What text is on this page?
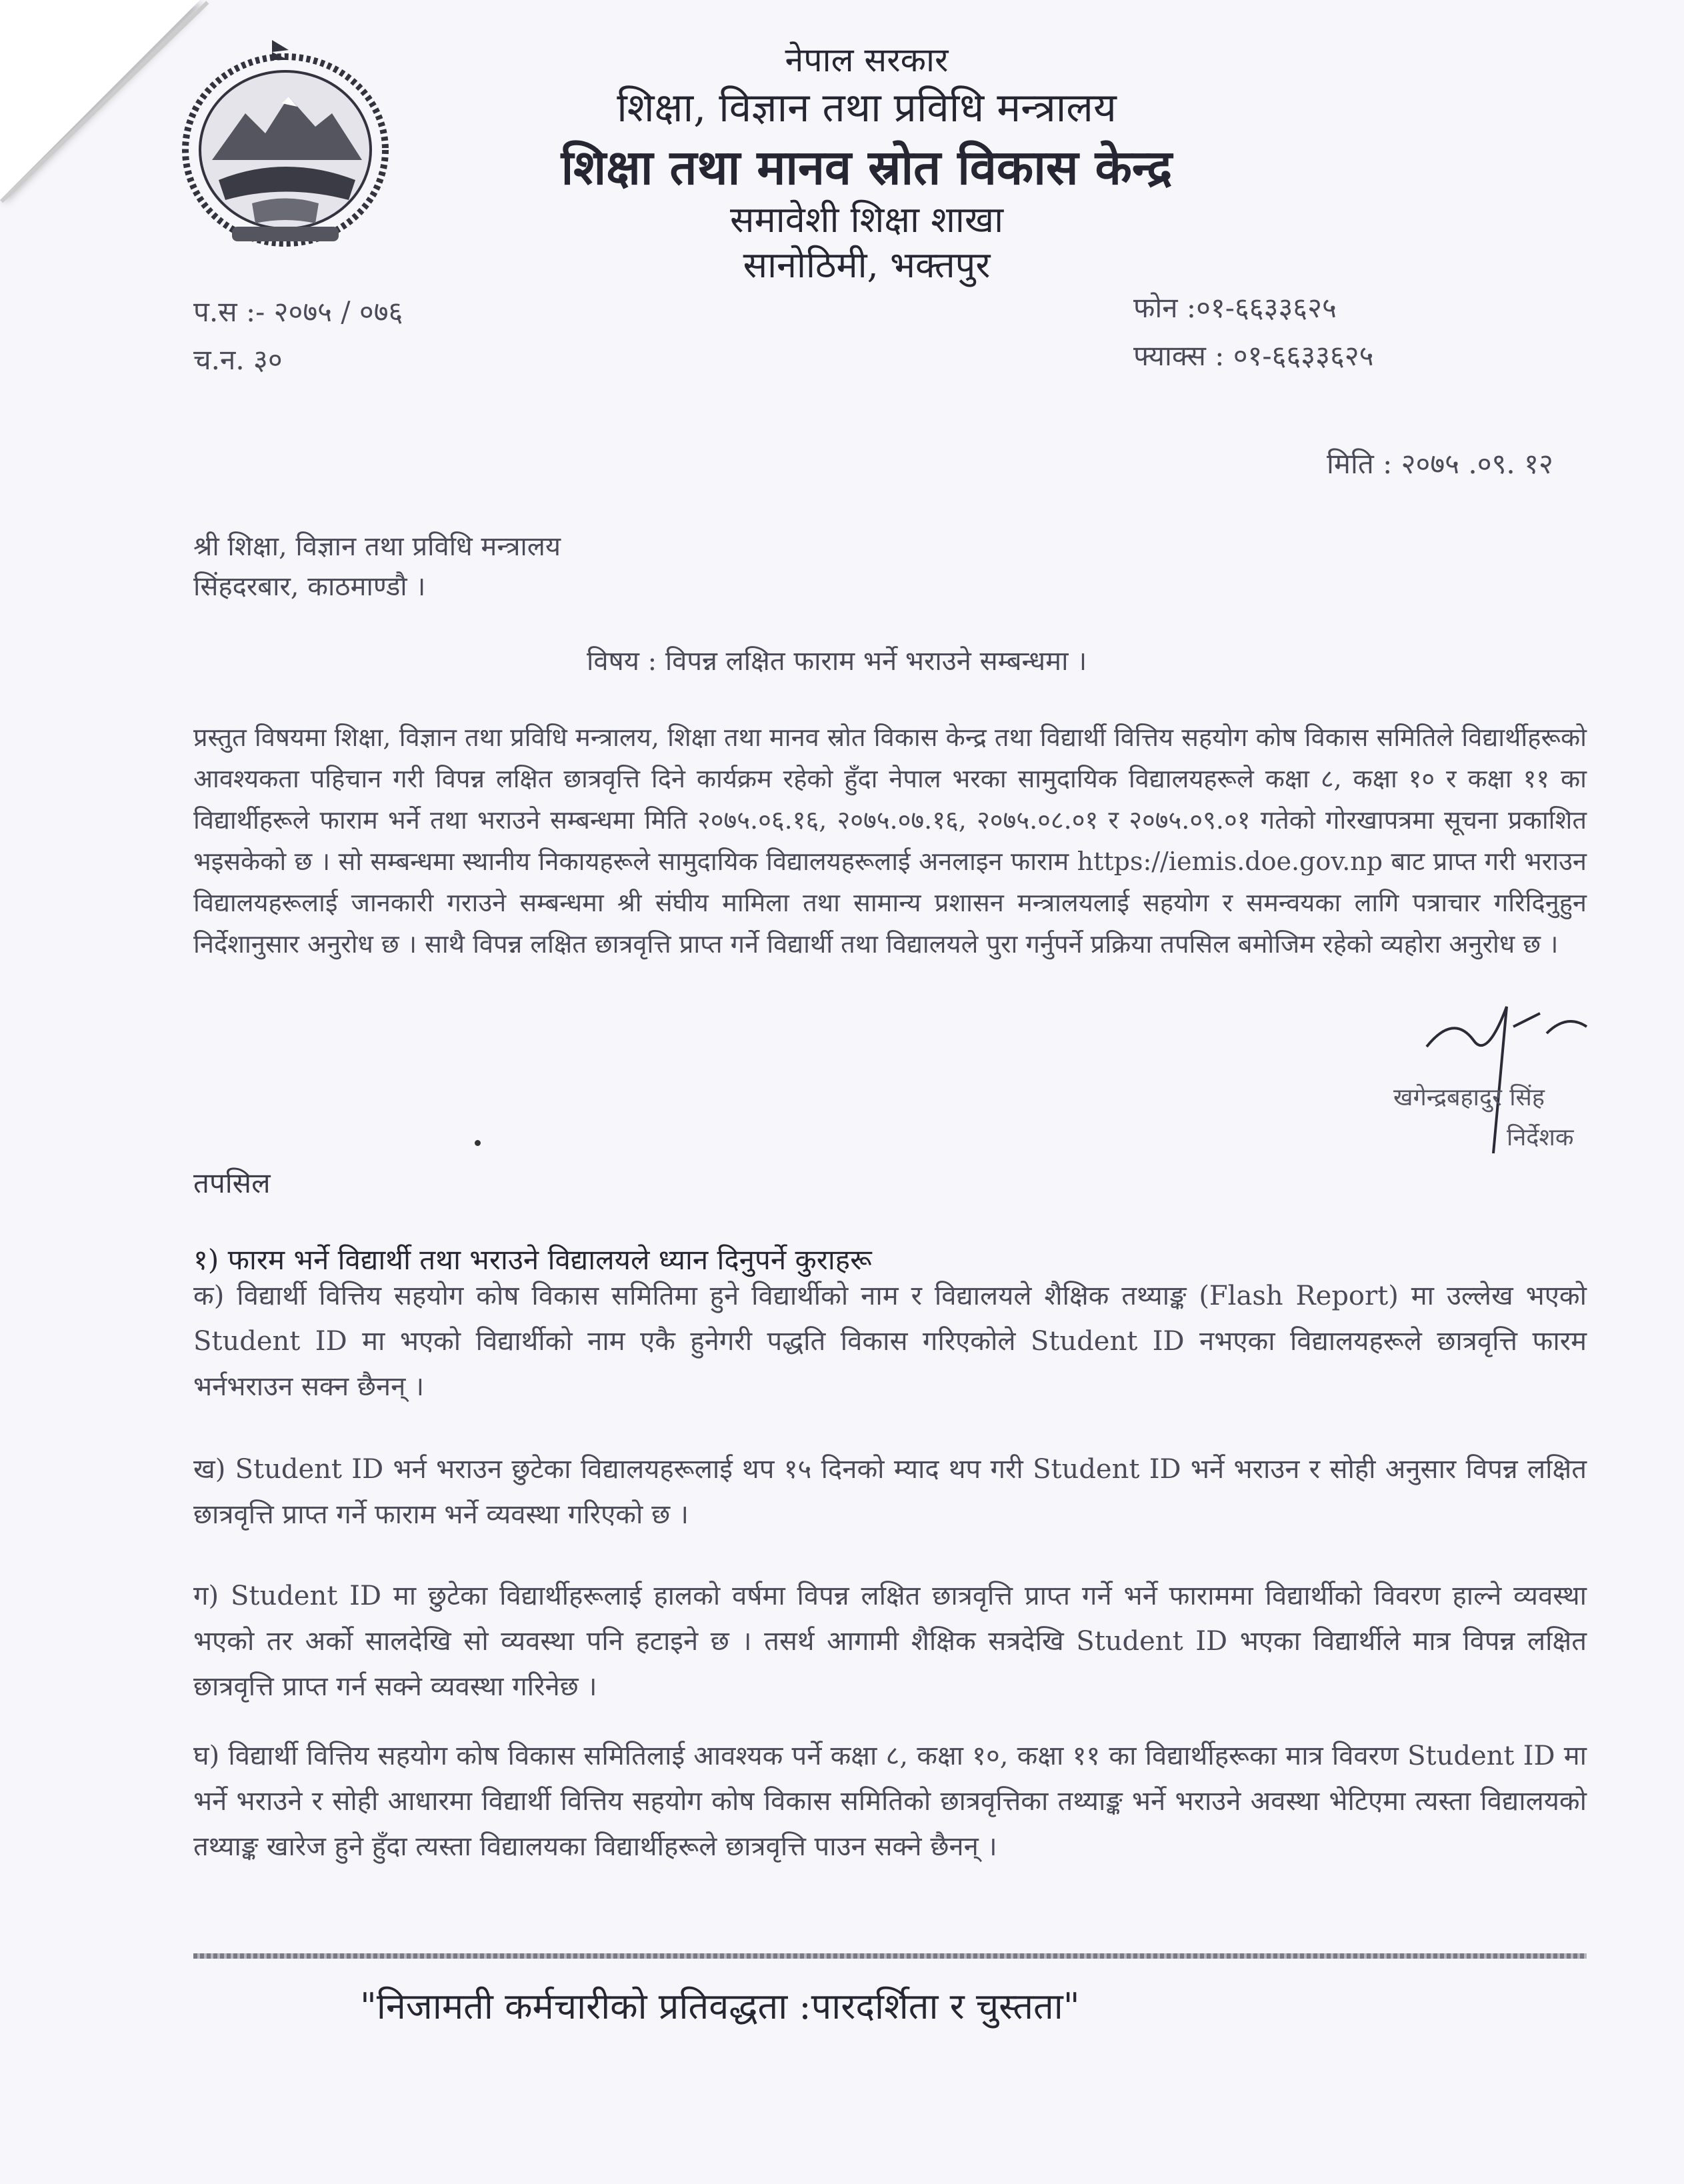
नेपाल सरकार
शिक्षा, विज्ञान तथा प्रविधि मन्त्रालय
शिक्षा तथा मानव स्रोत विकास केन्द्र
समावेशी शिक्षा शाखा
सानोठिमी, भक्तपुर
प.स :- २०७५ / ०७६
च.न. ३०
फोन :०१-६६३३६२५
फ्याक्स : ०१-६६३३६२५
मिति : २०७५ .०९. १२
श्री शिक्षा, विज्ञान तथा प्रविधि मन्त्रालय
सिंहदरबार, काठमाण्डौ ।
विषय : विपन्न लक्षित फाराम भर्ने भराउने सम्बन्धमा ।
प्रस्तुत विषयमा शिक्षा, विज्ञान तथा प्रविधि मन्त्रालय, शिक्षा तथा मानव स्रोत विकास केन्द्र तथा विद्यार्थी वित्तिय सहयोग कोष विकास समितिले विद्यार्थीहरूको आवश्यकता पहिचान गरी विपन्न लक्षित छात्रवृत्ति दिने कार्यक्रम रहेको हुँदा नेपाल भरका सामुदायिक विद्यालयहरूले कक्षा ८, कक्षा १० र कक्षा ११ का विद्यार्थीहरूले फाराम भर्ने तथा भराउने सम्बन्धमा मिति २०७५.०६.१६, २०७५.०७.१६, २०७५.०८.०१ र २०७५.०९.०१ गतेको गोरखापत्रमा सूचना प्रकाशित भइसकेको छ । सो सम्बन्धमा स्थानीय निकायहरूले सामुदायिक विद्यालयहरूलाई अनलाइन फाराम https://iemis.doe.gov.np बाट प्राप्त गरी भराउन विद्यालयहरूलाई जानकारी गराउने सम्बन्धमा श्री संघीय मामिला तथा सामान्य प्रशासन मन्त्रालयलाई सहयोग र समन्वयका लागि पत्राचार गरिदिनुहुन निर्देशानुसार अनुरोध छ । साथै विपन्न लक्षित छात्रवृत्ति प्राप्त गर्ने विद्यार्थी तथा विद्यालयले पुरा गर्नुपर्ने प्रक्रिया तपसिल बमोजिम रहेको व्यहोरा अनुरोध छ ।
खगेन्द्रबहादुर सिंह
निर्देशक
तपसिल
१) फारम भर्ने विद्यार्थी तथा भराउने विद्यालयले ध्यान दिनुपर्ने कुराहरू
क) विद्यार्थी वित्तिय सहयोग कोष विकास समितिमा हुने विद्यार्थीको नाम र विद्यालयले शैक्षिक तथ्याङ्क (Flash Report) मा उल्लेख भएको Student ID मा भएको विद्यार्थीको नाम एकै हुनेगरी पद्धति विकास गरिएकोले Student ID नभएका विद्यालयहरूले छात्रवृत्ति फारम भर्नभराउन सक्न छैनन् ।
ख) Student ID भर्न भराउन छुटेका विद्यालयहरूलाई थप १५ दिनको म्याद थप गरी Student ID भर्ने भराउन र सोही अनुसार विपन्न लक्षित छात्रवृत्ति प्राप्त गर्ने फाराम भर्ने व्यवस्था गरिएको छ ।
ग) Student ID मा छुटेका विद्यार्थीहरूलाई हालको वर्षमा विपन्न लक्षित छात्रवृत्ति प्राप्त गर्ने भर्ने फाराममा विद्यार्थीको विवरण हाल्ने व्यवस्था भएको तर अर्को सालदेखि सो व्यवस्था पनि हटाइने छ । तसर्थ आगामी शैक्षिक सत्रदेखि Student ID भएका विद्यार्थीले मात्र विपन्न लक्षित छात्रवृत्ति प्राप्त गर्न सक्ने व्यवस्था गरिनेछ ।
घ) विद्यार्थी वित्तिय सहयोग कोष विकास समितिलाई आवश्यक पर्ने कक्षा ८, कक्षा १०, कक्षा ११ का विद्यार्थीहरूका मात्र विवरण Student ID मा भर्ने भराउने र सोही आधारमा विद्यार्थी वित्तिय सहयोग कोष विकास समितिको छात्रवृत्तिका तथ्याङ्क भर्ने भराउने अवस्था भेटिएमा त्यस्ता विद्यालयको तथ्याङ्क खारेज हुने हुँदा त्यस्ता विद्यालयका विद्यार्थीहरूले छात्रवृत्ति पाउन सक्ने छैनन् ।
"निजामती कर्मचारीको प्रतिवद्धता :पारदर्शिता र चुस्तता"
